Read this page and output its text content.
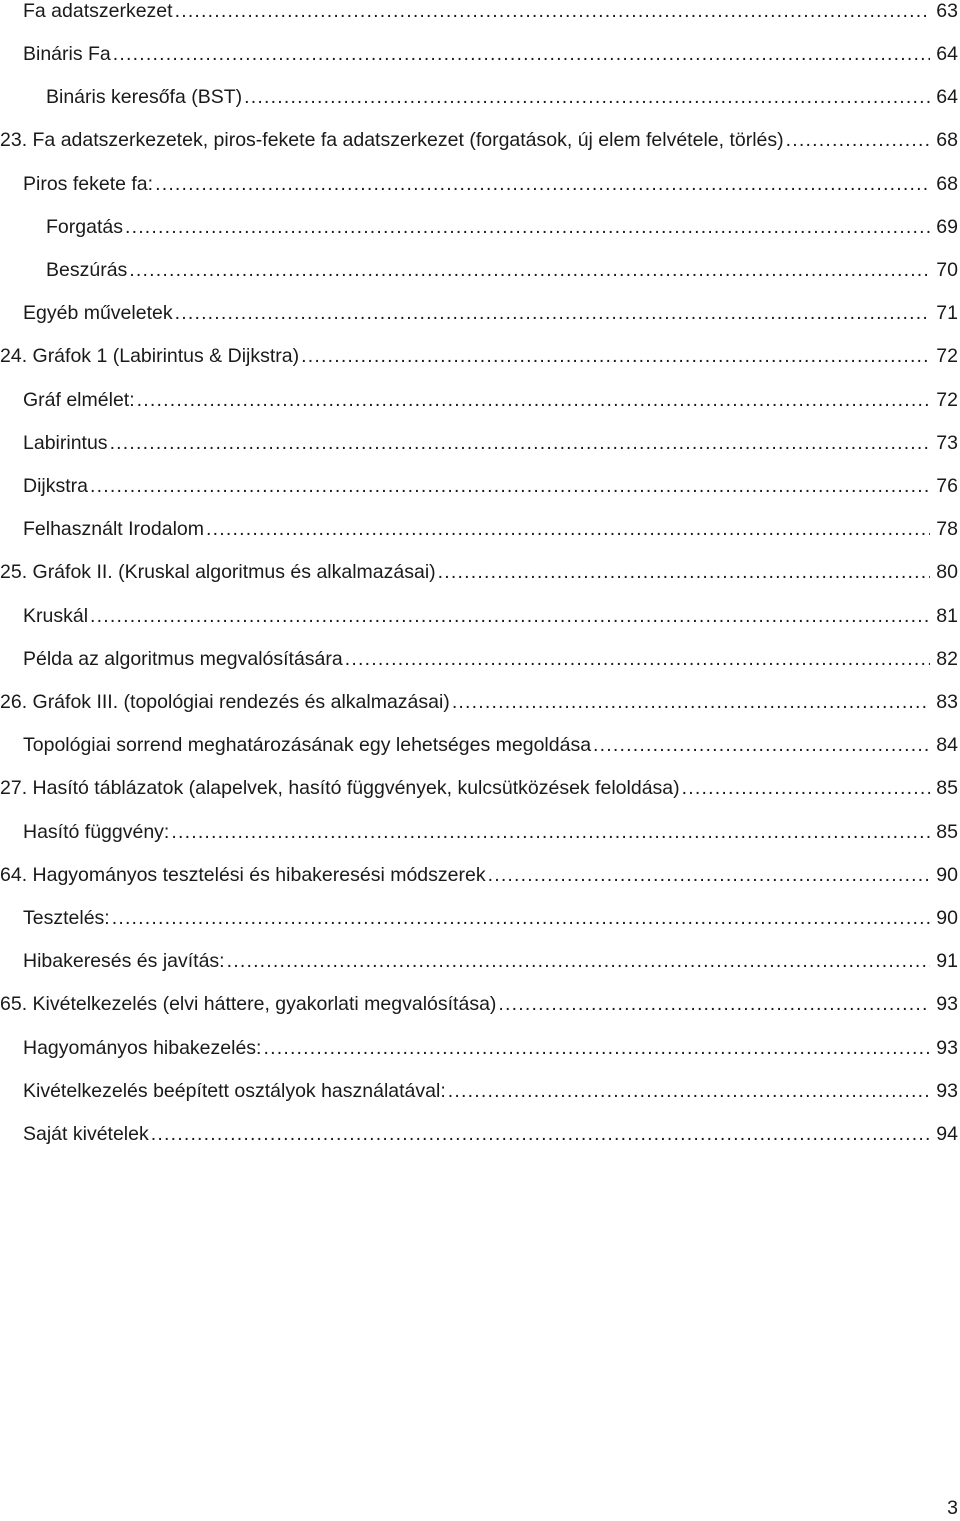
Fa adatszerkezet .....	63
Bináris Fa .....	64
Bináris keresőfa (BST) .....	64
23. Fa adatszerkezetek, piros-fekete fa adatszerkezet (forgatások, új elem felvétele, törlés) .....	68
Piros fekete fa: .....	68
Forgatás .....	69
Beszúrás .....	70
Egyéb műveletek .....	71
24. Gráfok 1 (Labirintus & Dijkstra) .....	72
Gráf elmélet: .....	72
Labirintus .....	73
Dijkstra .....	76
Felhasznált Irodalom .....	78
25. Gráfok II. (Kruskal algoritmus és alkalmazásai) .....	80
Kruskál .....	81
Példa az algoritmus megvalósítására .....	82
26. Gráfok III. (topológiai rendezés és alkalmazásai) .....	83
Topológiai sorrend meghatározásának egy lehetséges megoldása .....	84
27. Hasító táblázatok (alapelvek, hasító függvények, kulcsütközések feloldása) .....	85
Hasító függvény: .....	85
64. Hagyományos tesztelési és hibakeresési módszerek .....	90
Tesztelés: .....	90
Hibakeresés és javítás: .....	91
65. Kivételkezelés (elvi háttere, gyakorlati megvalósítása) .....	93
Hagyományos hibakezelés: .....	93
Kivételkezelés beépített osztályok használatával: .....	93
Saját kivételek .....	94
3
